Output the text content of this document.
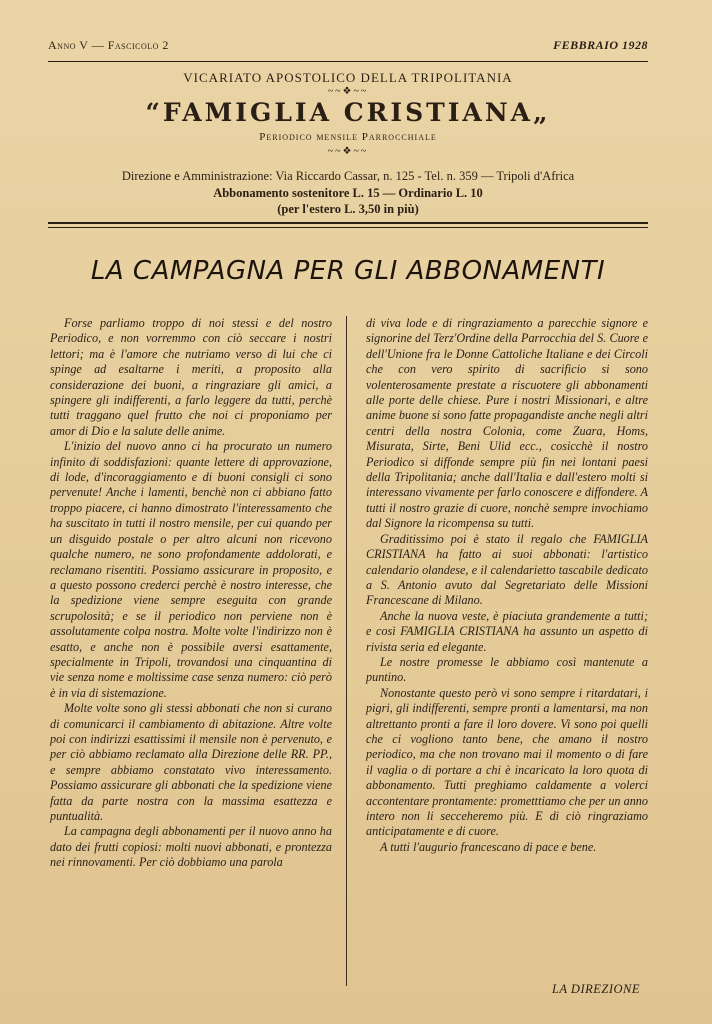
Anno V — Fascicolo 2	FEBBRAIO 1928
VICARIATO APOSTOLICO DELLA TRIPOLITANIA
~~❖~~
“FAMIGLIA CRISTIANA„
Periodico mensile Parrocchiale
~~❖~~
Direzione e Amministrazione: Via Riccardo Cassar, n. 125 - Tel. n. 359 — Tripoli d'Africa
Abbonamento sostenitore L. 15 — Ordinario L. 10
(per l'estero L. 3,50 in più)
LA CAMPAGNA PER GLI ABBONAMENTI

Forse parliamo troppo di noi stessi e del nostro Periodico, e non vorremmo con ciò seccare i nostri lettori; ma è l'amore che nutriamo verso di lui che ci spinge ad esaltarne i meriti, a proposito alla considerazione dei buoni, a ringraziare gli amici, a spingere gli indifferenti, a farlo leggere da tutti, perchè tutti traggano quel frutto che noi ci proponiamo per amor di Dio e la salute delle anime.

L'inizio del nuovo anno ci ha procurato un numero infinito di soddisfazioni: quante lettere di approvazione, di lode, d'incoraggiamento e di buoni consigli ci sono pervenute! Anche i lamenti, benchè non ci abbiano fatto troppo piacere, ci hanno dimostrato l'interessamento che ha suscitato in tutti il nostro mensile, per cui quando per un disguido postale o per altro alcuni non ricevono qualche numero, ne sono profondamente addolorati, e reclamano risentiti. Possiamo assicurare in proposito, e a questo possono crederci perchè è nostro interesse, che la spedizione viene sempre eseguita con grande scrupolosità; e se il periodico non perviene non è assolutamente colpa nostra. Molte volte l'indirizzo non è esatto, e anche non è possibile aversi esattamente, specialmente in Tripoli, trovandosi una cinquantina di vie senza nome e moltissime case senza numero: ciò però è in via di sistemazione.

Molte volte sono gli stessi abbonati che non si curano di comunicarci il cambiamento di abitazione. Altre volte poi con indirizzi esattissimi il mensile non è pervenuto, e per ciò abbiamo reclamato alla Direzione delle RR. PP., e sempre abbiamo constatato vivo interessamento. Possiamo assicurare gli abbonati che la spedizione viene fatta da parte nostra con la massima esattezza e puntualità.

La campagna degli abbonamenti per il nuovo anno ha dato dei frutti copiosi: molti nuovi abbonati, e prontezza nei rinnovamenti. Per ciò dobbiamo una parola

di viva lode e di ringraziamento a parecchie signore e signorine del Terz'Ordine della Parrocchia del S. Cuore e dell'Unione fra le Donne Cattoliche Italiane e dei Circoli che con vero spirito di sacrificio si sono volenterosamente prestate a riscuotere gli abbonamenti alle porte delle chiese. Pure i nostri Missionari, e altre anime buone si sono fatte propagandiste anche negli altri centri della nostra Colonia, come Zuara, Homs, Misurata, Sirte, Beni Ulid ecc., cosicchè il nostro Periodico si diffonde sempre più fin nei lontani paesi della Tripolitania; anche dall'Italia e dall'estero molti si interessano vivamente per farlo conoscere e diffondere. A tutti il nostro grazie di cuore, nonchè sempre invochiamo dal Signore la ricompensa su tutti.

Graditissimo poi è stato il regalo che FAMIGLIA CRISTIANA ha fatto ai suoi abbonati: l'artistico calendario olandese, e il calendarietto tascabile dedicato a S. Antonio avuto dal Segretariato delle Missioni Francescane di Milano.

Anche la nuova veste, è piaciuta grandemente a tutti; e così FAMIGLIA CRISTIANA ha assunto un aspetto di rivista seria ed elegante.

Le nostre promesse le abbiamo così mantenute a puntino.

Nonostante questo però vi sono sempre i ritardatari, i pigri, gli indifferenti, sempre pronti a lamentarsi, ma non altrettanto pronti a fare il loro dovere. Vi sono poi quelli che ci vogliono tanto bene, che amano il nostro periodico, ma che non trovano mai il momento o di fare il vaglia o di portare a chi è incaricato la loro quota di abbonamento. Tutti preghiamo caldamente a volerci accontentare prontamente: prometttiamo che per un anno intero non li secceheremo più. E di ciò ringraziamo anticipatamente e di cuore.

A tutti l'augurio francescano di pace e bene.

LA DIREZIONE
